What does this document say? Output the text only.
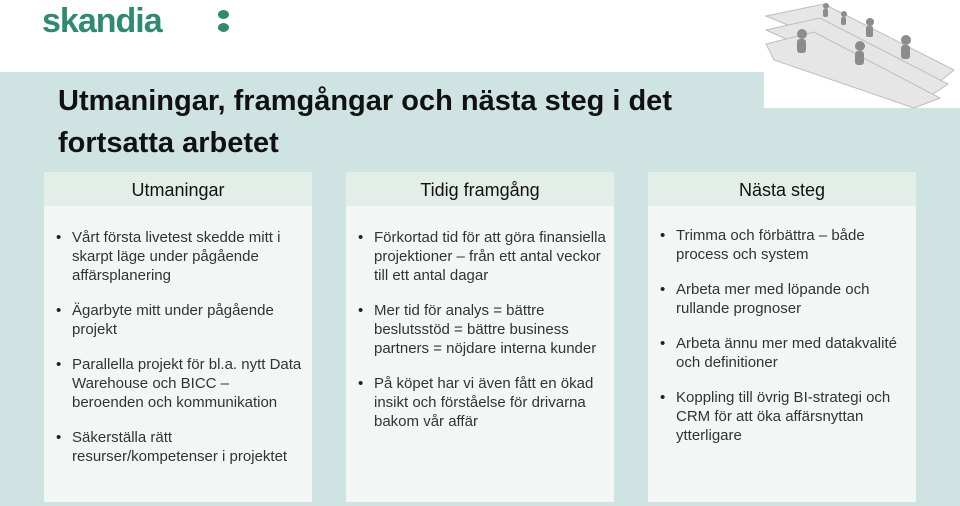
skandia
Utmaningar, framgångar och nästa steg i det fortsatta arbetet
Utmaningar
• Vårt första livetest skedde mitt i skarpt läge under pågående affärsplanering
• Ägarbyte mitt under pågående projekt
• Parallella projekt för bl.a. nytt Data Warehouse och BICC – beroenden och kommunikation
• Säkerställa rätt resurser/kompetenser i projektet
Tidig framgång
• Förkortad tid för att göra finansiella projektioner – från ett antal veckor till ett antal dagar
• Mer tid för analys = bättre beslutsstöd = bättre business partners = nöjdare interna kunder
• På köpet har vi även fått en ökad insikt och förståelse för drivarna bakom vår affär
Nästa steg
• Trimma och förbättra – både process och system
• Arbeta mer med löpande och rullande prognoser
• Arbeta ännu mer med datakvalité och definitioner
• Koppling till övrig BI-strategi och CRM för att öka affärsnyttan ytterligare
